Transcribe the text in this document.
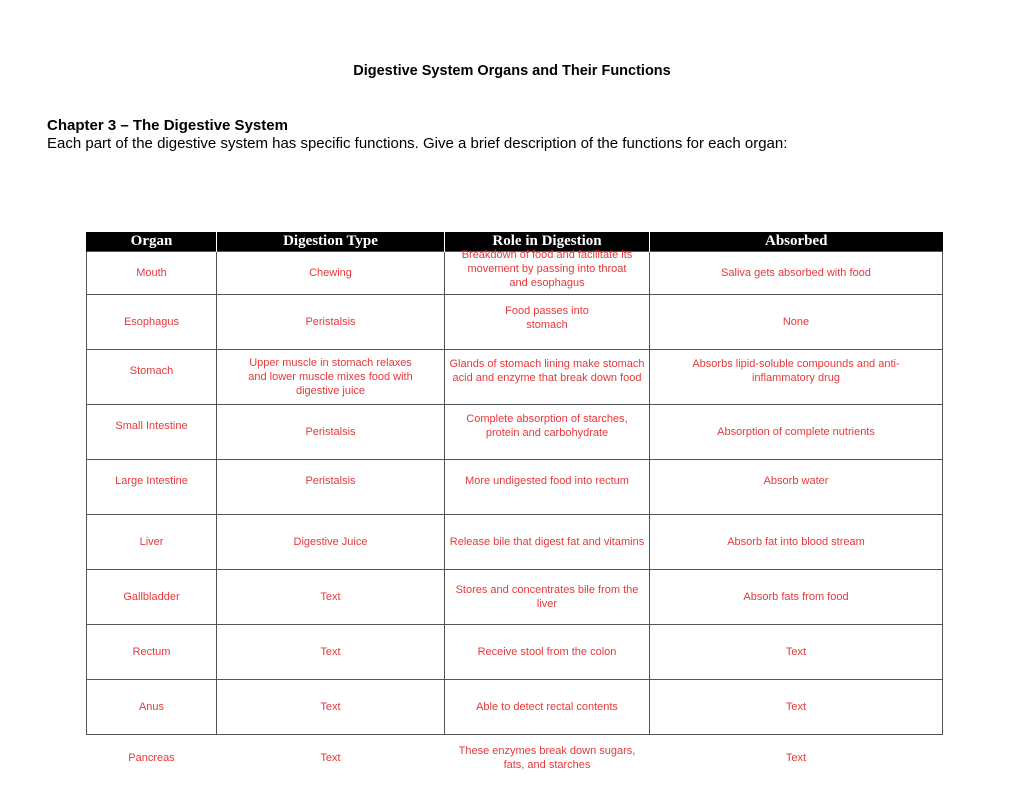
Digestive System Organs and Their Functions
Chapter 3 – The Digestive System
Each part of the digestive system has specific functions. Give a brief description of the functions for each organ:
Organ	Digestion Type	Role in Digestion	Absorbed
Mouth	Chewing	Breakdown of food and facilitate its movement by passing into throat and esophagus	Saliva gets absorbed with food
Esophagus	Peristalsis	Food passes into stomach	None

Stomach	Upper muscle in stomach relaxes and lower muscle mixes food with digestive juice	Glands of stomach lining make stomach acid and enzyme that break down food	Absorbs lipid-soluble compounds and anti-inflammatory drug

Small Intestine	Peristalsis	Complete absorption of starches, protein and carbohydrate	Absorption of complete nutrients

Large Intestine	Peristalsis	More undigested food into rectum	Absorb water

Liver	Digestive Juice	Release bile that digest fat and vitamins	Absorb fat into blood stream
Gallbladder	Text	Stores and concentrates bile from the liver	Absorb fats from food
Rectum	Text	Receive stool from the colon	Text
Anus	Text	Able to detect rectal contents	Text
Pancreas	Text	These enzymes break down sugars, fats, and starches	Text
